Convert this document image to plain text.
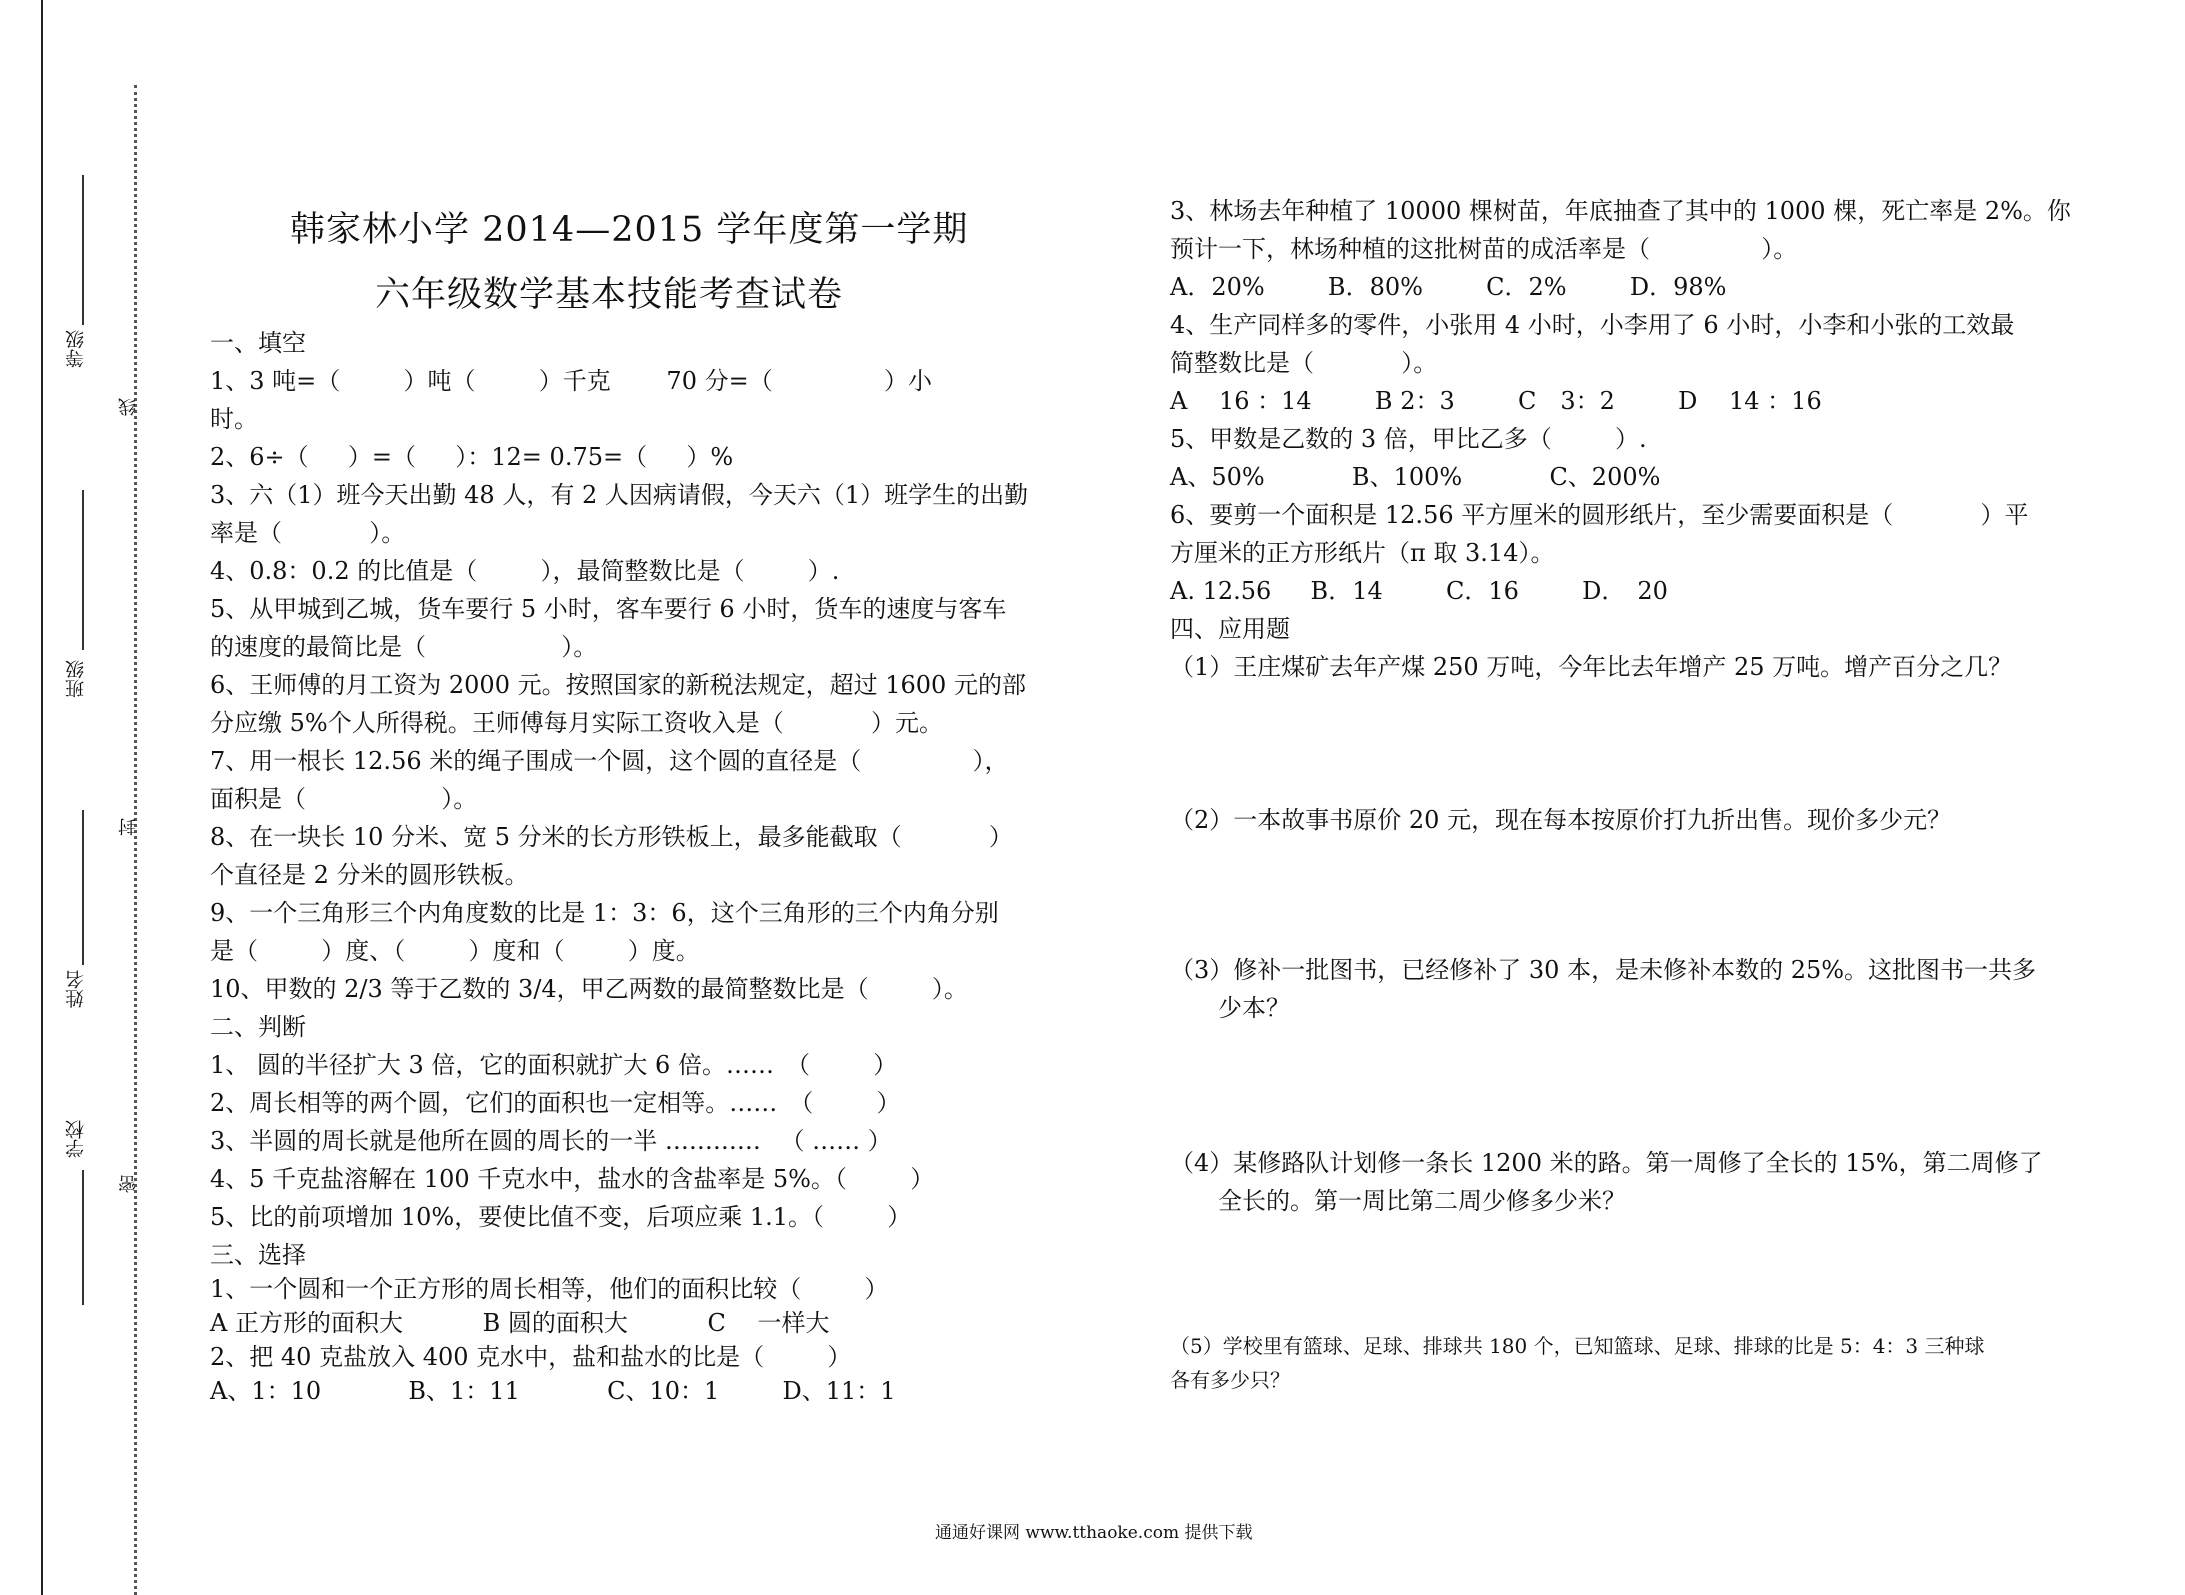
等级
班级
姓名
学校
线
封
密
韩家林小学 2014—2015 学年度第一学期
六年级数学基本技能考查试卷
一、填空
1、3 吨=（ 　　 ）吨（ 　　 ）千克　　 70 分=（ 　　　　 ）小
时。
2、6÷（ 　 ）=（ 　 ）：12= 0.75=（ 　 ）%
3、六（1）班今天出勤 48 人，有 2 人因病请假，今天六（1）班学生的出勤
率是（ 　　　 ）。
4、0.8：0.2 的比值是（ 　　 ），最简整数比是（ 　　 ）.
5、从甲城到乙城，货车要行 5 小时，客车要行 6 小时，货车的速度与客车
的速度的最简比是（ 　　　　　 ）。
6、王师傅的月工资为 2000 元。按照国家的新税法规定，超过 1600 元的部
分应缴 5%个人所得税。王师傅每月实际工资收入是（ 　　　 ）元。
7、用一根长 12.56 米的绳子围成一个圆，这个圆的直径是（ 　　　　 ），
面积是（ 　　　　　 ）。
8、在一块长 10 分米、宽 5 分米的长方形铁板上，最多能截取（ 　　　 ）
个直径是 2 分米的圆形铁板。
9、一个三角形三个内角度数的比是 1：3：6，这个三角形的三个内角分别
是（ 　　 ）度、（ 　　 ）度和（ 　　 ）度。
10、甲数的 2/3 等于乙数的 3/4，甲乙两数的最简整数比是（ 　　 ）。
二、判断
1、 圆的半径扩大 3 倍，它的面积就扩大 6 倍。……　（ 　　 ）
2、周长相等的两个圆，它们的面积也一定相等。……　（ 　　 ）
3、半圆的周长就是他所在圆的周长的一半 ………… 　（ …… ）
4、5 千克盐溶解在 100 千克水中，盐水的含盐率是 5%。（ 　　 ）
5、比的前项增加 10%，要使比值不变，后项应乘 1.1。（ 　　 ）
三、选择
1、一个圆和一个正方形的周长相等，他们的面积比较（ 　　 ）
A 正方形的面积大　　　 B 圆的面积大　　　 C　 一样大
2、把 40 克盐放入 400 克水中，盐和盐水的比是（ 　　 ）
A、1：10 　　　 B、1：11 　　　 C、10：1 　　 D、11：1
3、林场去年种植了 10000 棵树苗，年底抽查了其中的 1000 棵，死亡率是 2%。你
预计一下，林场种植的这批树苗的成活率是（ 　　　　 ）。
A．20% 　　 B．80% 　　 C．2% 　　 D．98%
4、生产同样多的零件，小张用 4 小时，小李用了 6 小时，小李和小张的工效最
简整数比是（ 　　　 ）。
A　 16 ：14 　　 B 2：3 　　 C　3：2 　　 D　 14 ：16
5、甲数是乙数的 3 倍，甲比乙多（ 　　 ）.
A、50% 　　　 B、100% 　　　 C、200%
6、要剪一个面积是 12.56 平方厘米的圆形纸片，至少需要面积是（ 　　　 ）平
方厘米的正方形纸片（π 取 3.14）。
A. 12.56 　 B．14 　　 C．16 　　 D．　20
四、应用题
（1）王庄煤矿去年产煤 250 万吨，今年比去年增产 25 万吨。增产百分之几？
（2）一本故事书原价 20 元，现在每本按原价打九折出售。现价多少元？
（3）修补一批图书，已经修补了 30 本，是未修补本数的 25%。这批图书一共多
少本？
（4）某修路队计划修一条长 1200 米的路。第一周修了全长的 15%，第二周修了
全长的。第一周比第二周少修多少米？
（5）学校里有篮球、足球、排球共 180 个，已知篮球、足球、排球的比是 5：4：3 三种球
各有多少只？
通通好课网 www.tthaoke.com 提供下载
